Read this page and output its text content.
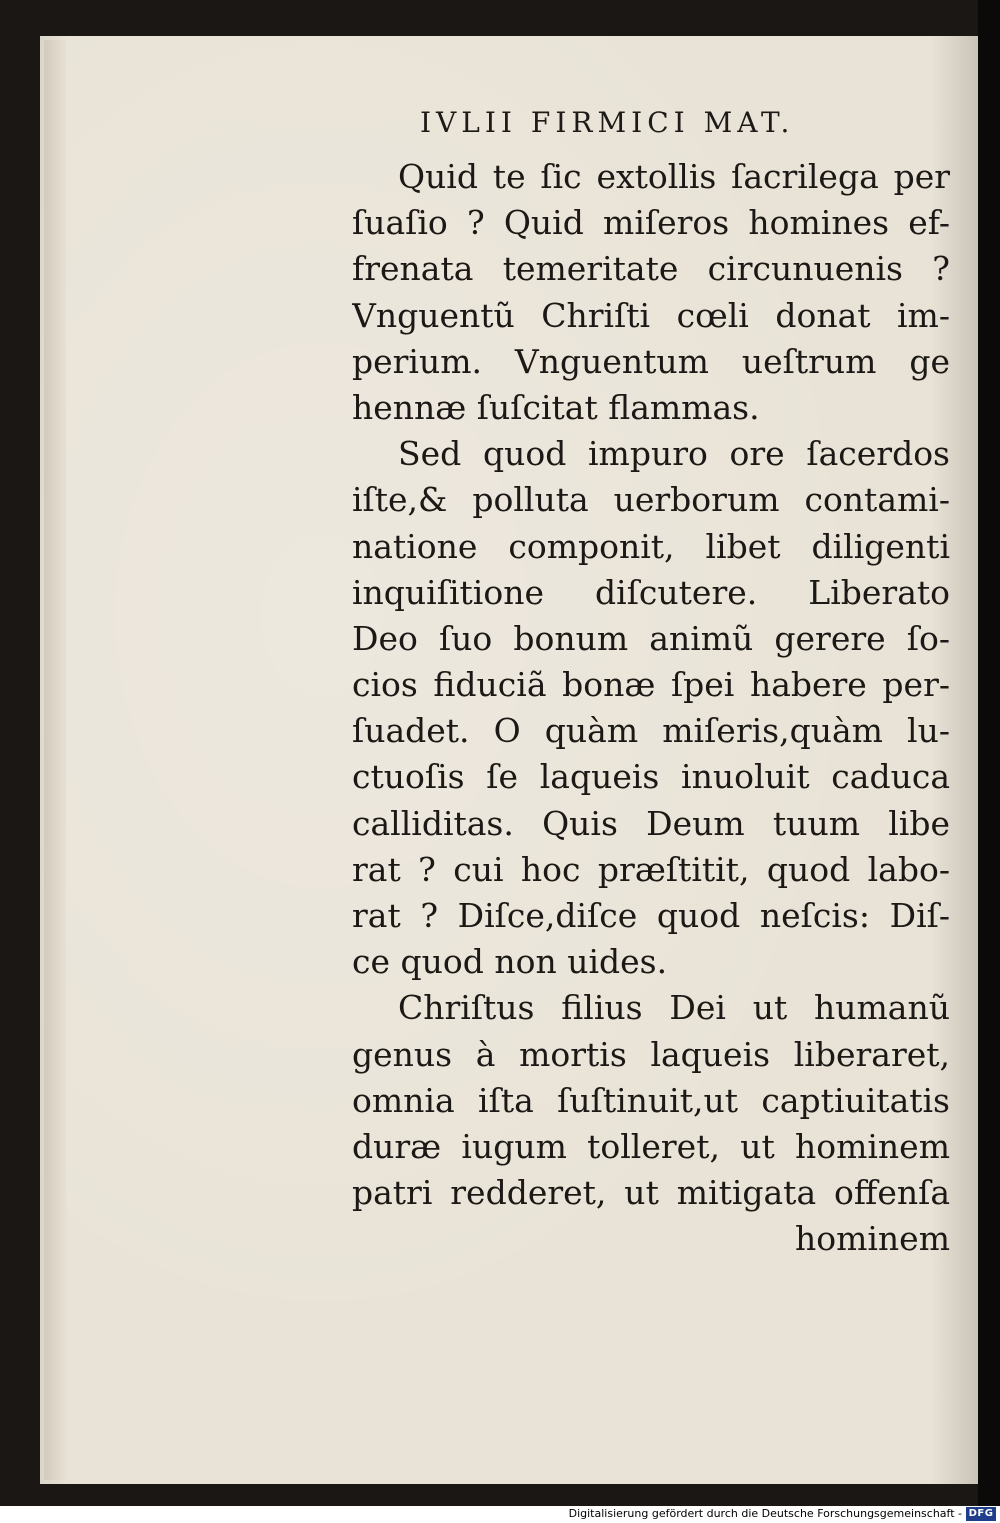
IVLII FIRMICI MAT.
Quid te ſic extollis ſacrilega per
ſuaſio ? Quid miſeros homines ef-
frenata temeritate circunuenis ?
Vnguentũ Chriſti cœli donat im-
perium. Vnguentum ueſtrum ge
hennæ ſuſcitat flammas.
Sed quod impuro ore ſacerdos
iſte,& polluta uerborum contami-
natione componit, libet diligenti
inquiſitione diſcutere. Liberato
Deo ſuo bonum animũ gerere ſo-
cios fiduciã bonæ ſpei habere per-
ſuadet. O quàm miſeris,quàm lu-
ctuoſis ſe laqueis inuoluit caduca
calliditas. Quis Deum tuum libe
rat ? cui hoc præſtitit, quod labo-
rat ? Diſce,diſce quod neſcis: Diſ-
ce quod non uides.
Chriſtus filius Dei ut humanũ
genus à mortis laqueis liberaret,
omnia iſta ſuſtinuit,ut captiuitatis
duræ iugum tolleret, ut hominem
patri redderet, ut mitigata offenſa
hominem
Digitalisierung gefördert durch die Deutsche Forschungsgemeinschaft - DFG
